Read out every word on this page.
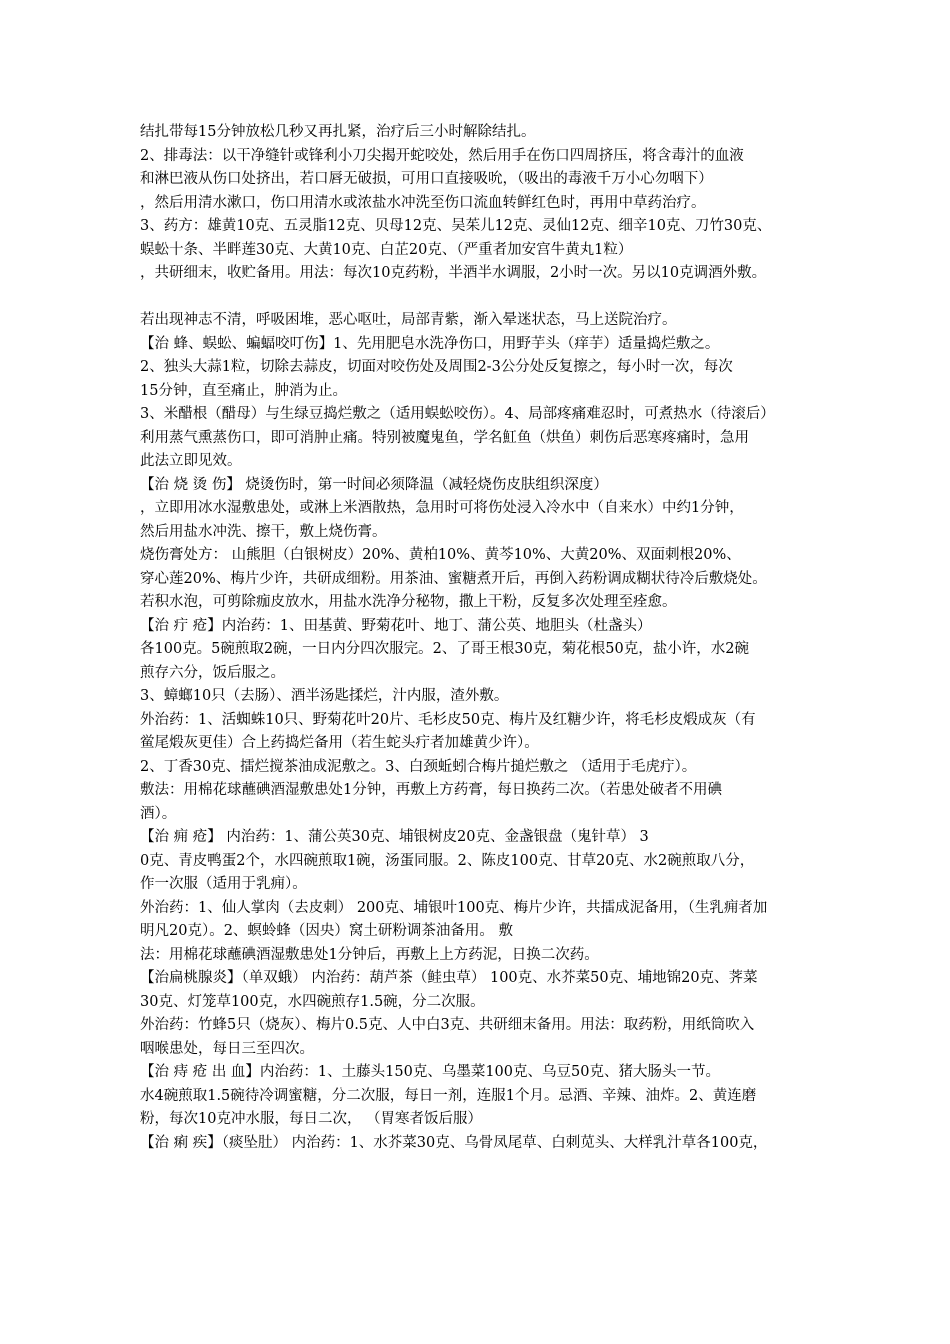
结扎带每15分钟放松几秒又再扎紧，治疗后三小时解除结扎。
2、排毒法：以干净缝针或锋利小刀尖揭开蛇咬处，然后用手在伤口四周挤压，将含毒汁的血液
和淋巴液从伤口处挤出，若口唇无破损，可用口直接吸吮，（吸出的毒液千万小心勿咽下）
，然后用清水漱口，伤口用清水或浓盐水冲洗至伤口流血转鲜红色时，再用中草药治疗。
3、药方：雄黄10克、五灵脂12克、贝母12克、吴茱儿12克、灵仙12克、细辛10克、刀竹30克、
蜈蚣十条、半畔莲30克、大黄10克、白芷20克、（严重者加安宫牛黄丸1粒）
，共研细末，收贮备用。用法：每次10克药粉，半酒半水调服，2小时一次。另以10克调酒外敷。
若出现神志不清，呼吸困堆，恶心呕吐，局部青紫，渐入晕迷状态，马上送院治疗。
【治 蜂、蜈蚣、蝙蝠咬叮伤】1、先用肥皂水洗净伤口，用野芋头（痒芋）适量捣烂敷之。
2、独头大蒜1粒，切除去蒜皮，切面对咬伤处及周围2-3公分处反复擦之，每小时一次，每次
15分钟，直至痛止，肿消为止。
3、米醋根（醋母）与生绿豆捣烂敷之（适用蜈蚣咬伤）。4、局部疼痛难忍时，可煮热水（待滚后）
利用蒸气熏蒸伤口，即可消肿止痛。特别被魔鬼鱼，学名魟鱼（烘鱼）刺伤后恶寒疼痛时，急用
此法立即见效。
【治 烧 烫 伤】 烧烫伤时，第一时间必须降温（减轻烧伤皮肤组织深度）
，立即用冰水湿敷患处，或淋上米酒散热，急用时可将伤处浸入冷水中（自来水）中约1分钟，
然后用盐水冲洗、擦干，敷上烧伤膏。
烧伤膏处方： 山熊胆（白银树皮）20%、黄柏10%、黄芩10%、大黄20%、双面刺根20%、
穿心莲20%、梅片少许，共研成细粉。用茶油、蜜糖煮开后，再倒入药粉调成糊状待冷后敷烧处。
若积水泡，可剪除痂皮放水，用盐水洗净分秘物，撒上干粉，反复多次处理至痊愈。
【治 疔 疮】内治药：1、田基黄、野菊花叶、地丁、蒲公英、地胆头（杜盏头）
各100克。5碗煎取2碗，一日内分四次服完。2、了哥王根30克，菊花根50克，盐小许，水2碗
煎存六分，饭后服之。
3、蟑螂10只（去肠）、酒半汤匙揉烂，汁内服，渣外敷。
外治药：1、活蜘蛛10只、野菊花叶20片、毛杉皮50克、梅片及红糖少许，将毛杉皮煅成灰（有
鲎尾煅灰更佳）合上药捣烂备用（若生蛇头疔者加雄黄少许）。
2、丁香30克、擂烂搅茶油成泥敷之。3、白颈蚯蚓合梅片搥烂敷之 （适用于毛虎疔）。
敷法：用棉花球蘸碘酒湿敷患处1分钟，再敷上方药膏，每日换药二次。（若患处破者不用碘
酒）。
【治 痈 疮】 内治药：1、蒲公英30克、埔银树皮20克、金盏银盘（鬼针草） 3
0克、青皮鸭蛋2个，水四碗煎取1碗，汤蛋同服。2、陈皮100克、甘草20克、水2碗煎取八分，
作一次服（适用于乳痈）。
外治药：1、仙人掌肉（去皮刺） 200克、埔银叶100克、梅片少许，共擂成泥备用，（生乳痈者加
明凡20克）。2、螟蛉蜂（因央）窝土研粉调茶油备用。 敷
法：用棉花球蘸碘酒湿敷患处1分钟后，再敷上上方药泥，日换二次药。
【治扁桃腺炎】（单双蛾） 内治药：葫芦茶（鲑虫草） 100克、水芥菜50克、埔地锦20克、荠菜
30克、灯笼草100克，水四碗煎存1.5碗，分二次服。
外治药：竹蜂5只（烧灰）、梅片0.5克、人中白3克、共研细末备用。用法：取药粉，用纸筒吹入
咽喉患处，每日三至四次。
【治 痔 疮 出 血】内治药：1、土藤头150克、乌墨菜100克、乌豆50克、猪大肠头一节。
水4碗煎取1.5碗待冷调蜜糖，分二次服，每日一剂，连服1个月。忌酒、辛辣、油炸。2、黄连磨
粉，每次10克冲水服，每日二次， （胃寒者饭后服）
【治 痢 疾】（痰坠肚） 内治药：1、水芥菜30克、乌骨凤尾草、白刺苋头、大样乳汁草各100克，
